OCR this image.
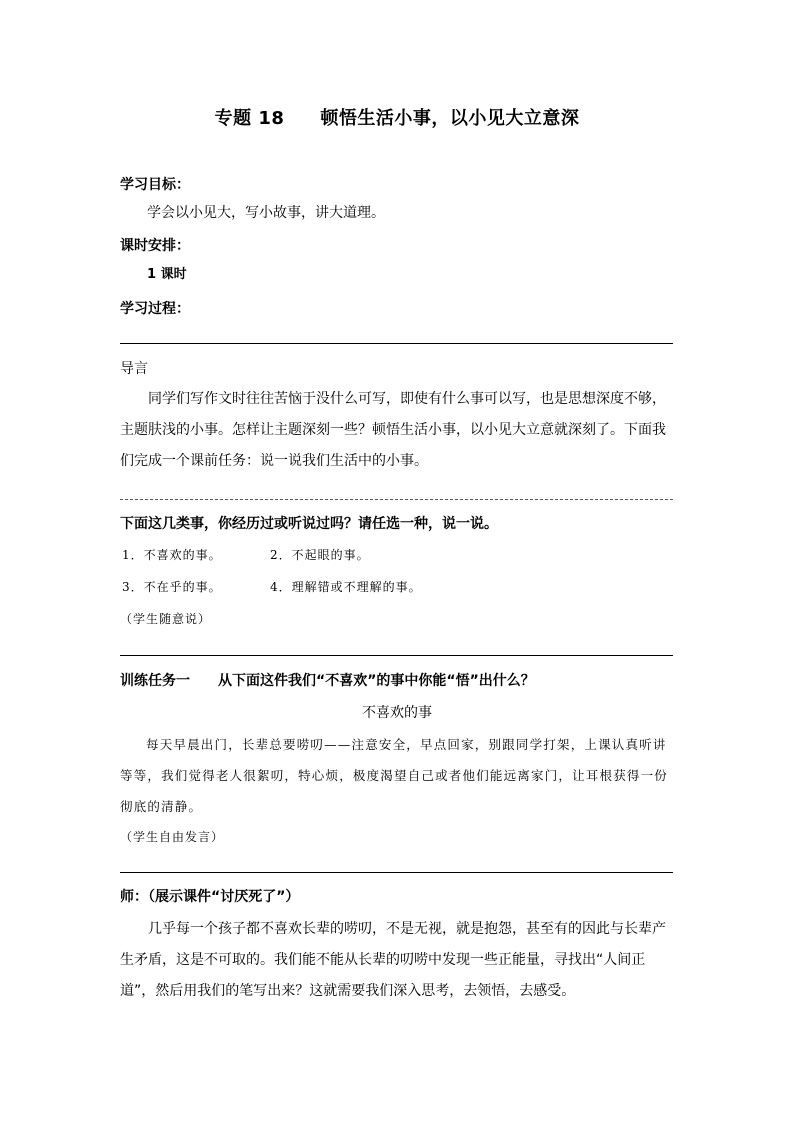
专题 18 顿悟生活小事，以小见大立意深
学习目标：
学会以小见大，写小故事，讲大道理。
课时安排：
1 课时
学习过程：
导言
同学们写作文时往往苦恼于没什么可写，即使有什么事可以写，也是思想深度不够，主题肤浅的小事。怎样让主题深刻一些？顿悟生活小事，以小见大立意就深刻了。下面我们完成一个课前任务：说一说我们生活中的小事。
下面这几类事，你经历过或听说过吗？请任选一种，说一说。
1．不喜欢的事。	2．不起眼的事。
3．不在乎的事。	4．理解错或不理解的事。
（学生随意说）
训练任务一 从下面这件我们“不喜欢”的事中你能“悟”出什么？
不喜欢的事
每天早晨出门，长辈总要唠叨——注意安全，早点回家，别跟同学打架，上课认真听讲等等，我们觉得老人很絮叨，特心烦，极度渴望自己或者他们能远离家门，让耳根获得一份彻底的清静。
（学生自由发言）
师：（展示课件“讨厌死了”）
几乎每一个孩子都不喜欢长辈的唠叨，不是无视，就是抱怨，甚至有的因此与长辈产生矛盾，这是不可取的。我们能不能从长辈的叨唠中发现一些正能量，寻找出“人间正道”，然后用我们的笔写出来？这就需要我们深入思考，去领悟，去感受。
